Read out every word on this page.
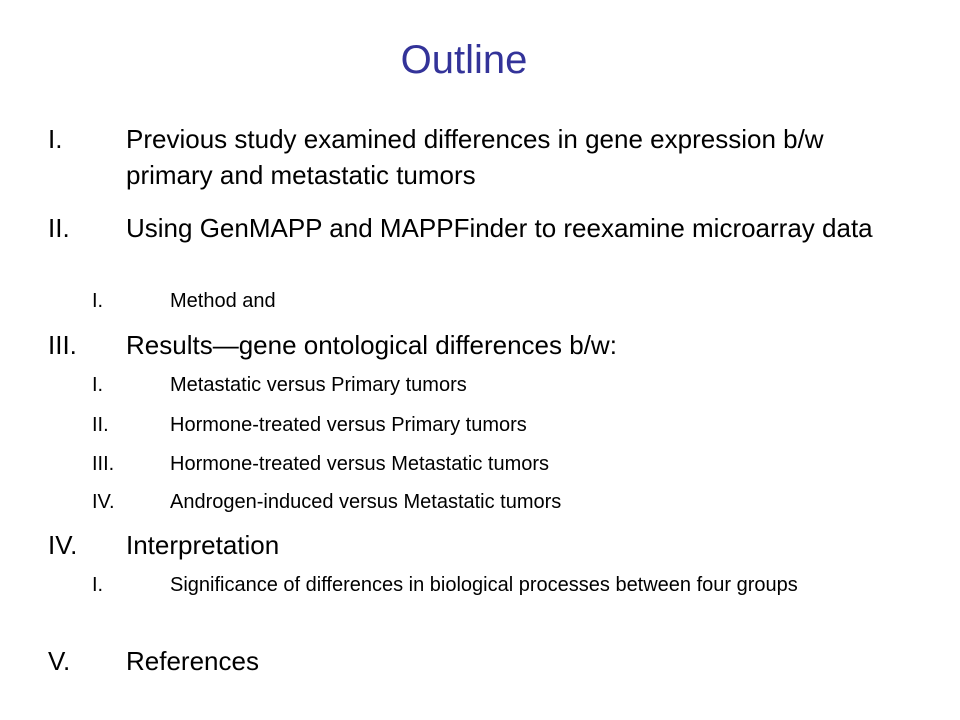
Outline
I.	Previous study examined differences in gene expression b/w primary and metastatic tumors
II.	Using GenMAPP and MAPPFinder to reexamine microarray data
I.	Method and
III.	Results—gene ontological differences b/w:
I.	Metastatic versus Primary tumors
II.	Hormone-treated versus Primary tumors
III.	Hormone-treated versus Metastatic tumors
IV.	Androgen-induced versus Metastatic tumors
IV.	Interpretation
I.	Significance of differences in biological processes between four groups
V.	References
